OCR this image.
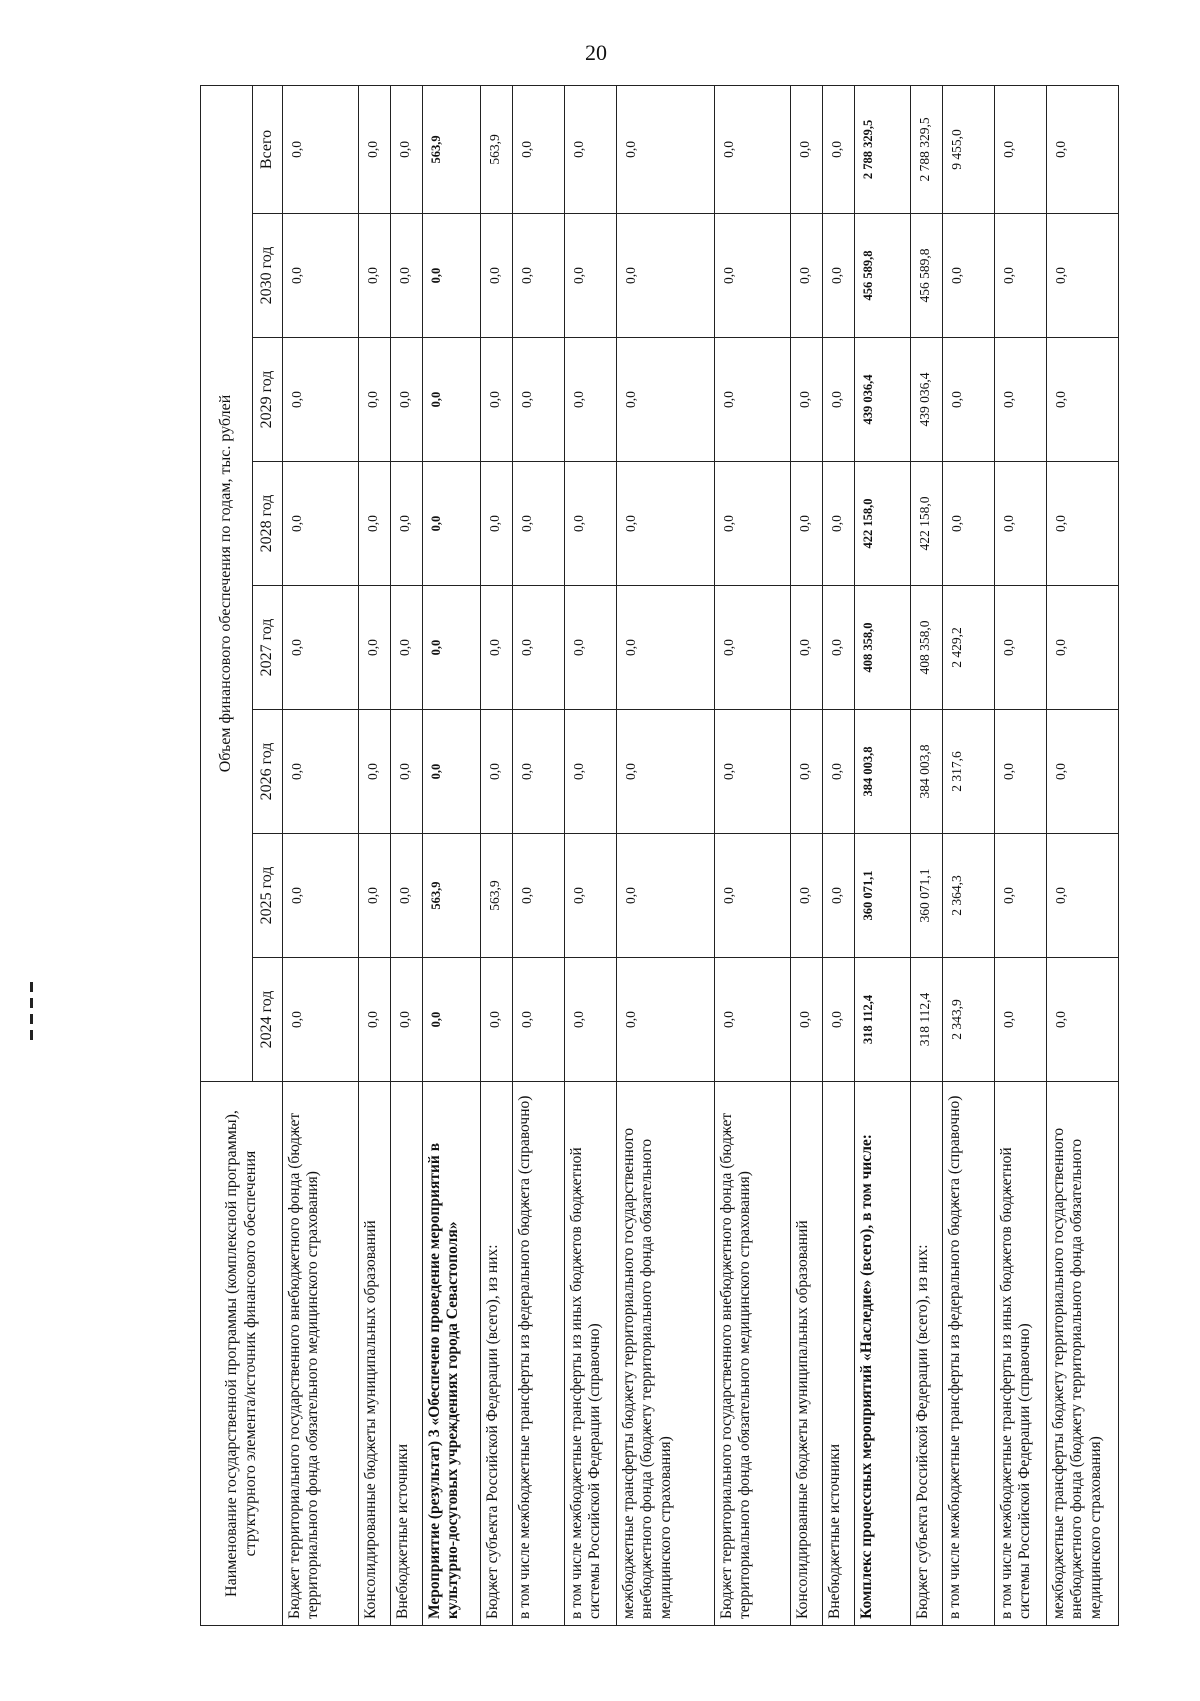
20
Наименование государственной программы (комплексной программы), структурного элемента/источник финансового обеспечения	Объем финансового обеспечения по годам, тыс. рублей							
	2024 год	2025 год	2026 год	2027 год	2028 год	2029 год	2030 год	Всего
Бюджет территориального государственного внебюджетного фонда (бюджет территориального фонда обязательного медицинского страхования)	0,0	0,0	0,0	0,0	0,0	0,0	0,0	0,0
Консолидированные бюджеты муниципальных образований	0,0	0,0	0,0	0,0	0,0	0,0	0,0	0,0
Внебюджетные источники	0,0	0,0	0,0	0,0	0,0	0,0	0,0	0,0
Мероприятие (результат) 3 «Обеспечено проведение мероприятий в культурно-досуговых учреждениях города Севастополя»	0,0	563,9	0,0	0,0	0,0	0,0	0,0	563,9
Бюджет субъекта Российской Федерации (всего), из них:	0,0	563,9	0,0	0,0	0,0	0,0	0,0	563,9
в том числе межбюджетные трансферты из федерального бюджета (справочно)	0,0	0,0	0,0	0,0	0,0	0,0	0,0	0,0
в том числе межбюджетные трансферты из иных бюджетов бюджетной системы Российской Федерации (справочно)	0,0	0,0	0,0	0,0	0,0	0,0	0,0	0,0
межбюджетные трансферты бюджету территориального государственного внебюджетного фонда (бюджету территориального фонда обязательного медицинского страхования)	0,0	0,0	0,0	0,0	0,0	0,0	0,0	0,0
Бюджет территориального государственного внебюджетного фонда (бюджет территориального фонда обязательного медицинского страхования)	0,0	0,0	0,0	0,0	0,0	0,0	0,0	0,0
Консолидированные бюджеты муниципальных образований	0,0	0,0	0,0	0,0	0,0	0,0	0,0	0,0
Внебюджетные источники	0,0	0,0	0,0	0,0	0,0	0,0	0,0	0,0
Комплекс процессных мероприятий «Наследие» (всего), в том числе:	318 112,4	360 071,1	384 003,8	408 358,0	422 158,0	439 036,4	456 589,8	2 788 329,5
Бюджет субъекта Российской Федерации (всего), из них:	318 112,4	360 071,1	384 003,8	408 358,0	422 158,0	439 036,4	456 589,8	2 788 329,5
в том числе межбюджетные трансферты из федерального бюджета (справочно)	2 343,9	2 364,3	2 317,6	2 429,2	0,0	0,0	0,0	9 455,0
в том числе межбюджетные трансферты из иных бюджетов бюджетной системы Российской Федерации (справочно)	0,0	0,0	0,0	0,0	0,0	0,0	0,0	0,0
межбюджетные трансферты бюджету территориального государственного внебюджетного фонда (бюджету территориального фонда обязательного медицинского страхования)	0,0	0,0	0,0	0,0	0,0	0,0	0,0	0,0
